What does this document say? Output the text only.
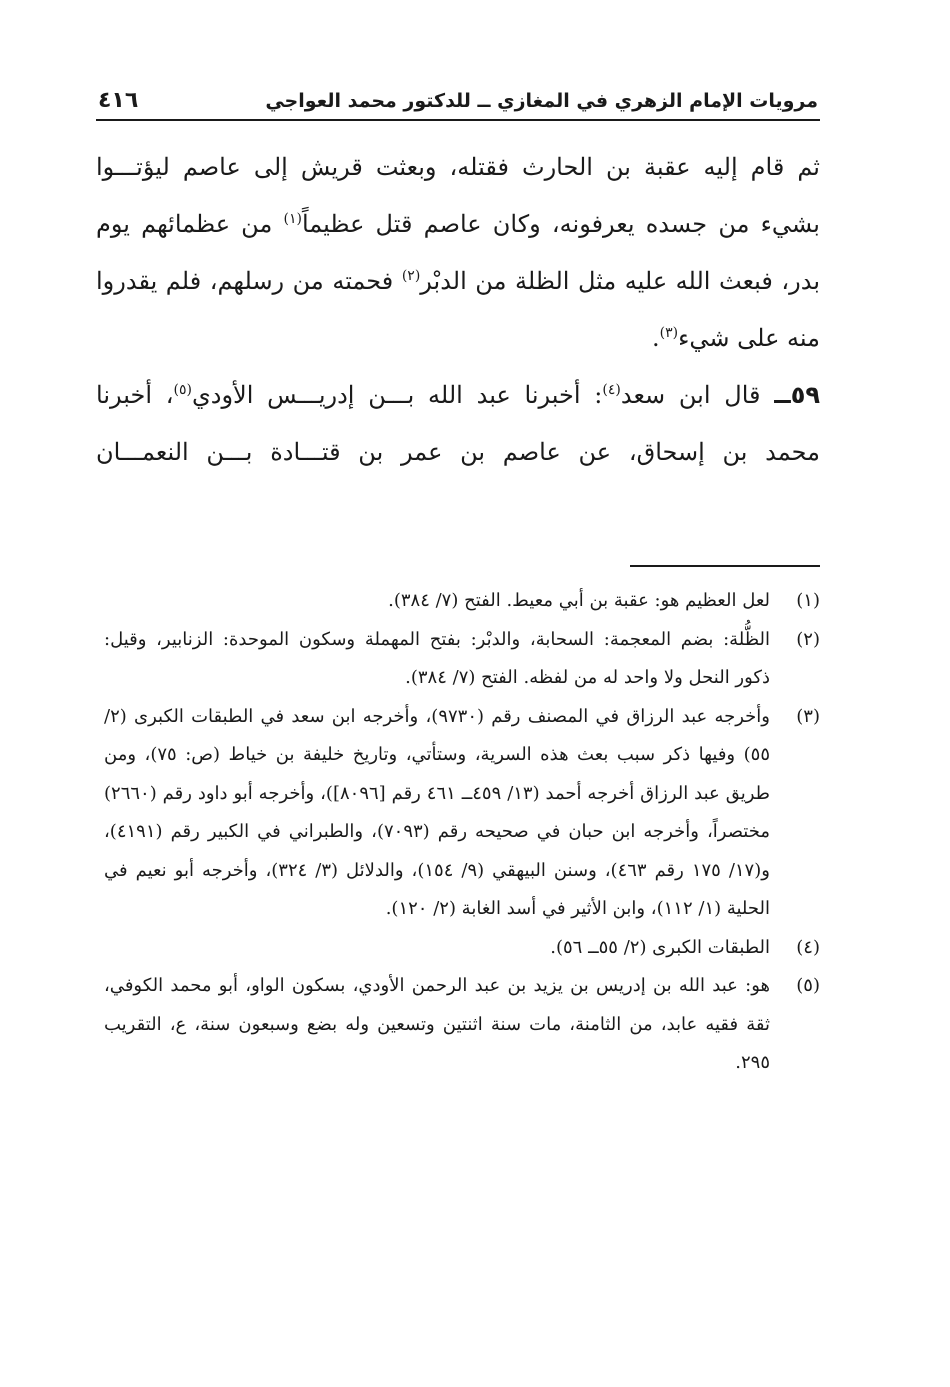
مرويات الإمام الزهري في المغازي ــ للدكتور محمد العواجي
٤١٦

ثم قام إليه عقبة بن الحارث فقتله، وبعثت قريش إلى عاصم ليؤتـــوا بشيء من جسده يعرفونه، وكان عاصم قتل عظيماً$^{(١)}$ من عظمائهم يوم بدر، فبعث الله عليه مثل الظلة من الدبْر$^{(٢)}$ فحمته من رسلهم، فلم يقدروا منه على شيء$^{(٣)}$.

٥٩ــ قال ابن سعد$^{(٤)}$: أخبرنا عبد الله بـــن إدريـــس الأودي$^{(٥)}$، أخبرنا محمد بن إسحاق، عن عاصم بن عمر بن قتـــادة بـــن النعمـــان

(١)
لعل العظيم هو: عقبة بن أبي معيط. الفتح (٧/ ٣٨٤).
(٢)
الظُّلة: بضم المعجمة: السحابة، والدبْر: بفتح المهملة وسكون الموحدة: الزنابير، وقيل: ذكور النحل ولا واحد له من لفظه. الفتح (٧/ ٣٨٤).
(٣)
وأخرجه عبد الرزاق في المصنف رقم (٩٧٣٠)، وأخرجه ابن سعد في الطبقات الكبرى (٢/ ٥٥) وفيها ذكر سبب بعث هذه السرية، وستأتي، وتاريخ خليفة بن خياط (ص: ٧٥)، ومن طريق عبد الرزاق أخرجه أحمد (١٣/ ٤٥٩ــ ٤٦١ رقم [٨٠٩٦])، وأخرجه أبو داود رقم (٢٦٦٠) مختصراً، وأخرجه ابن حبان في صحيحه رقم (٧٠٩٣)، والطبراني في الكبير رقم (٤١٩١)، و(١٧/ ١٧٥ رقم ٤٦٣)، وسنن البيهقي (٩/ ١٥٤)، والدلائل (٣/ ٣٢٤)، وأخرجه أبو نعيم في الحلية (١/ ١١٢)، وابن الأثير في أسد الغابة (٢/ ١٢٠).
(٤)
الطبقات الكبرى (٢/ ٥٥ــ ٥٦).
(٥)
هو: عبد الله بن إدريس بن يزيد بن عبد الرحمن الأودي، بسكون الواو، أبو محمد الكوفي، ثقة فقيه عابد، من الثامنة، مات سنة اثنتين وتسعين وله بضع وسبعون سنة، ع، التقريب ٢٩٥.
